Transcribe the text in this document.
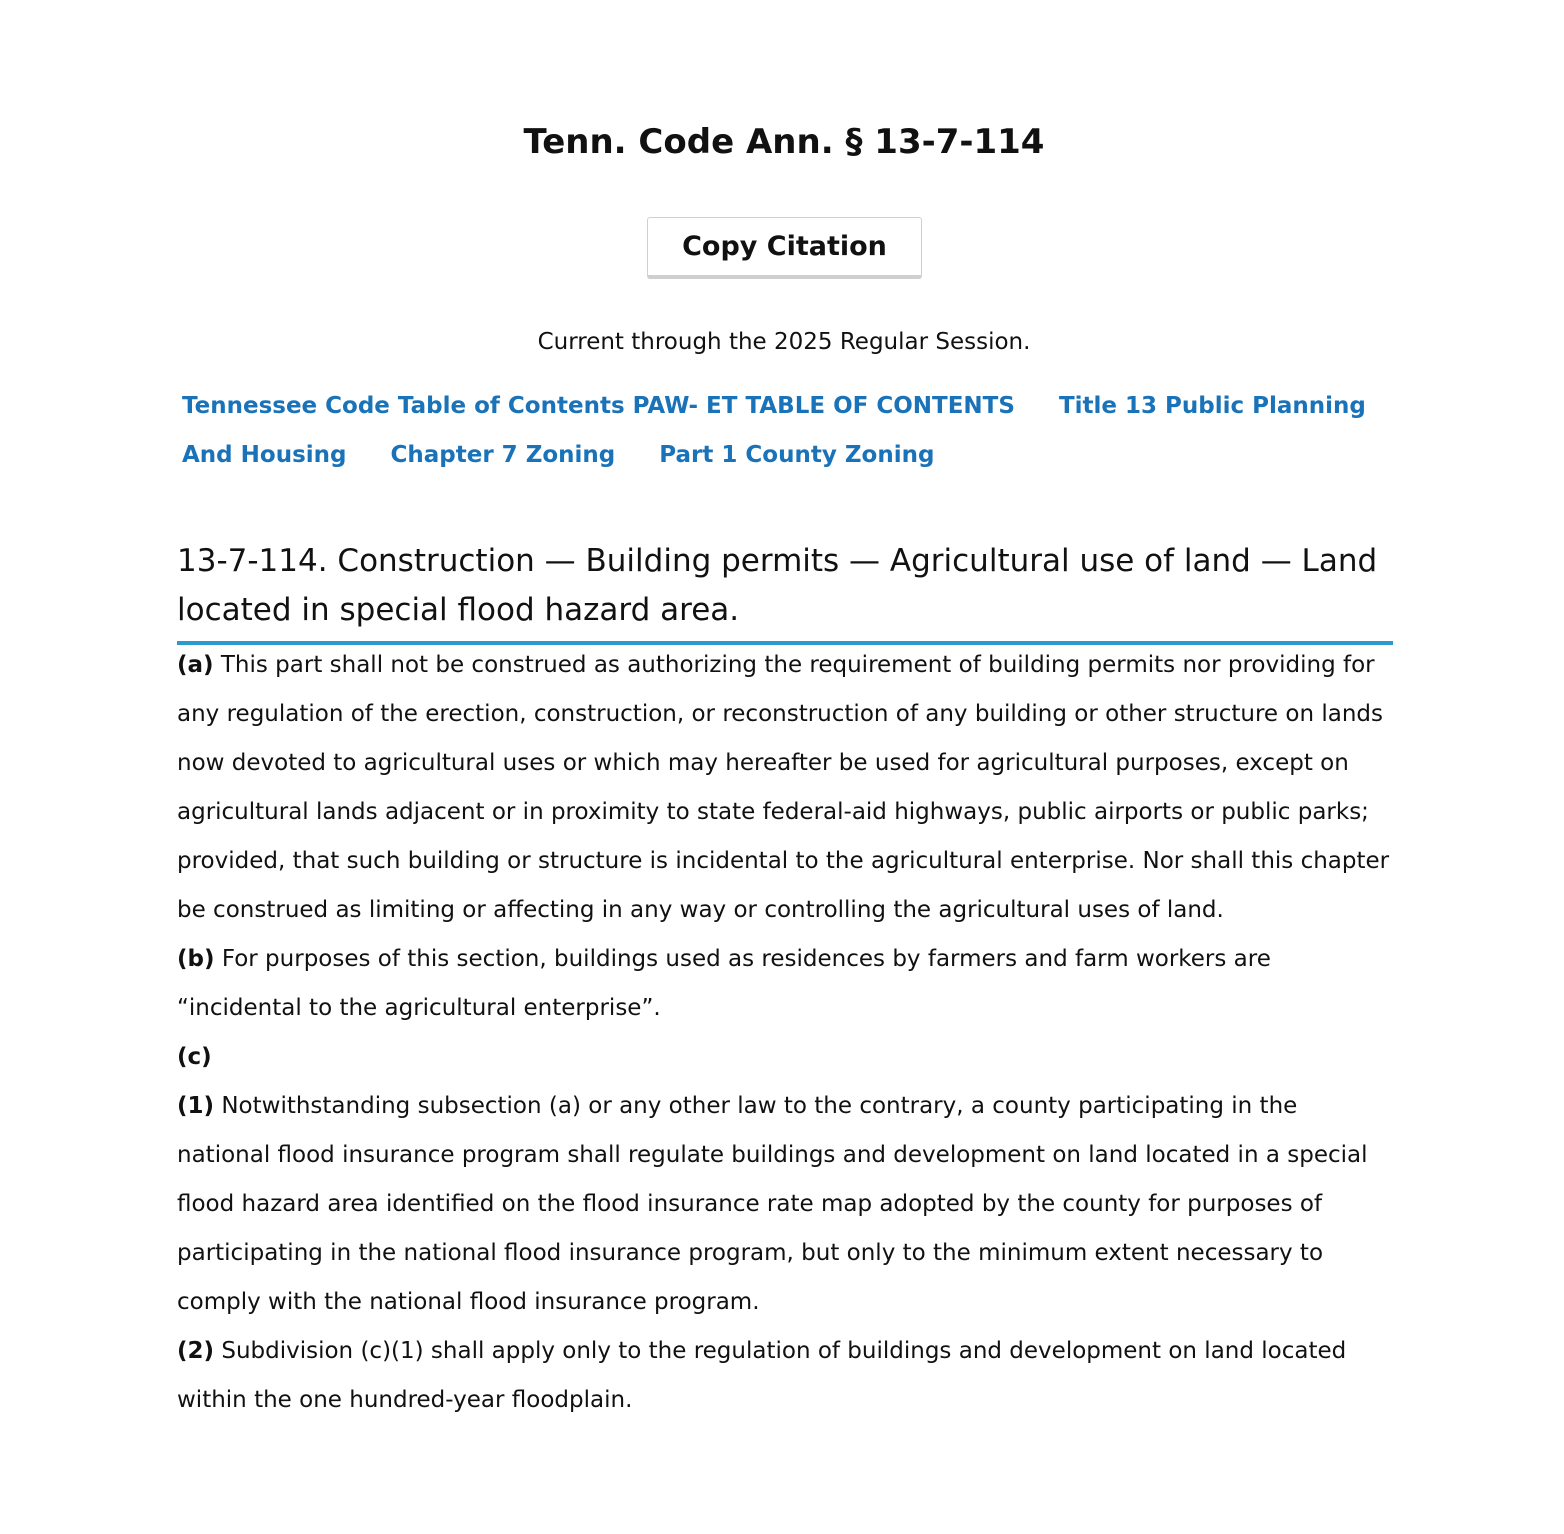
Tenn. Code Ann. § 13-7-114
Copy Citation

Current through the 2025 Regular Session.

Tennessee Code Table of Contents PAW- ET TABLE OF CONTENTS Title 13 Public Planning And Housing Chapter 7 Zoning Part 1 County Zoning
13-7-114. Construction — Building permits — Agricultural use of land — Land located in special flood hazard area.

(a) This part shall not be construed as authorizing the requirement of building permits nor providing for any regulation of the erection, construction, or reconstruction of any building or other structure on lands now devoted to agricultural uses or which may hereafter be used for agricultural purposes, except on agricultural lands adjacent or in proximity to state federal-aid highways, public airports or public parks; provided, that such building or structure is incidental to the agricultural enterprise. Nor shall this chapter be construed as limiting or affecting in any way or controlling the agricultural uses of land.

(b) For purposes of this section, buildings used as residences by farmers and farm workers are “incidental to the agricultural enterprise”.

(c)

(1) Notwithstanding subsection (a) or any other law to the contrary, a county participating in the national flood insurance program shall regulate buildings and development on land located in a special flood hazard area identified on the flood insurance rate map adopted by the county for purposes of participating in the national flood insurance program, but only to the minimum extent necessary to comply with the national flood insurance program.

(2) Subdivision (c)(1) shall apply only to the regulation of buildings and development on land located within the one hundred-year floodplain.
